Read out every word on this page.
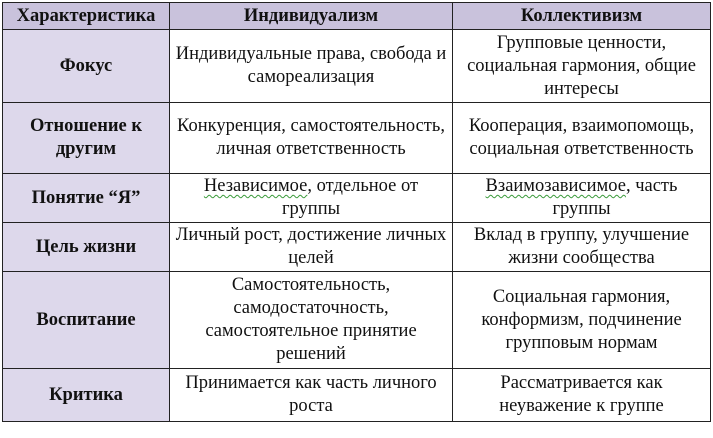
Характеристика	Индивидуализм	Коллективизм
Фокус	Индивидуальные права, свобода и самореализация	Групповые ценности, социальная гармония, общие интересы
Отношение к другим	Конкуренция, самостоятельность, личная ответственность	Кооперация, взаимопомощь, социальная ответственность
Понятие “Я”	Независимое, отдельное от группы	Взаимозависимое, часть группы
Цель жизни	Личный рост, достижение личных целей	Вклад в группу, улучшение жизни сообщества
Воспитание	Самостоятельность, самодостаточность, самостоятельное принятие решений	Социальная гармония, конформизм, подчинение групповым нормам
Критика	Принимается как часть личного роста	Рассматривается как неуважение к группе
